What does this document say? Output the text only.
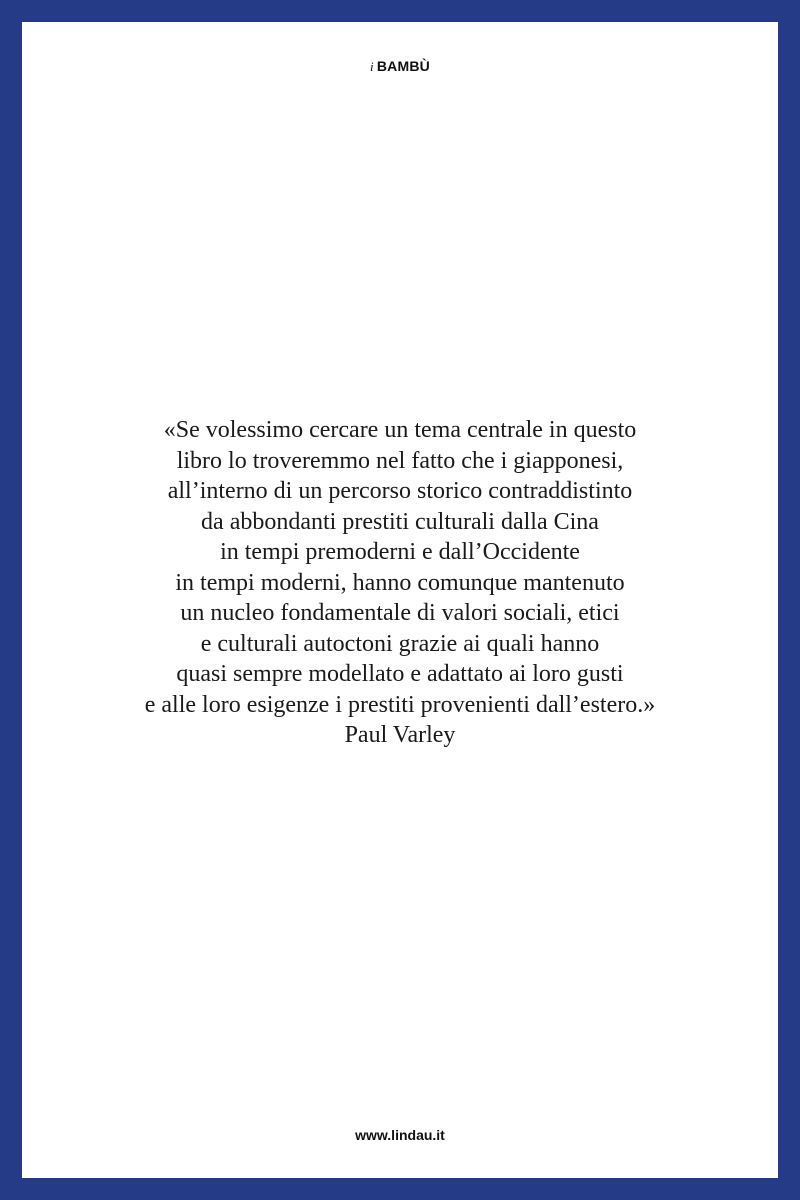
i BAMBÙ
«Se volessimo cercare un tema centrale in questo
libro lo troveremmo nel fatto che i giapponesi,
all’interno di un percorso storico contraddistinto
da abbondanti prestiti culturali dalla Cina
in tempi premoderni e dall’Occidente
in tempi moderni, hanno comunque mantenuto
un nucleo fondamentale di valori sociali, etici
e culturali autoctoni grazie ai quali hanno
quasi sempre modellato e adattato ai loro gusti
e alle loro esigenze i prestiti provenienti dall’estero.»
Paul Varley
www.lindau.it
